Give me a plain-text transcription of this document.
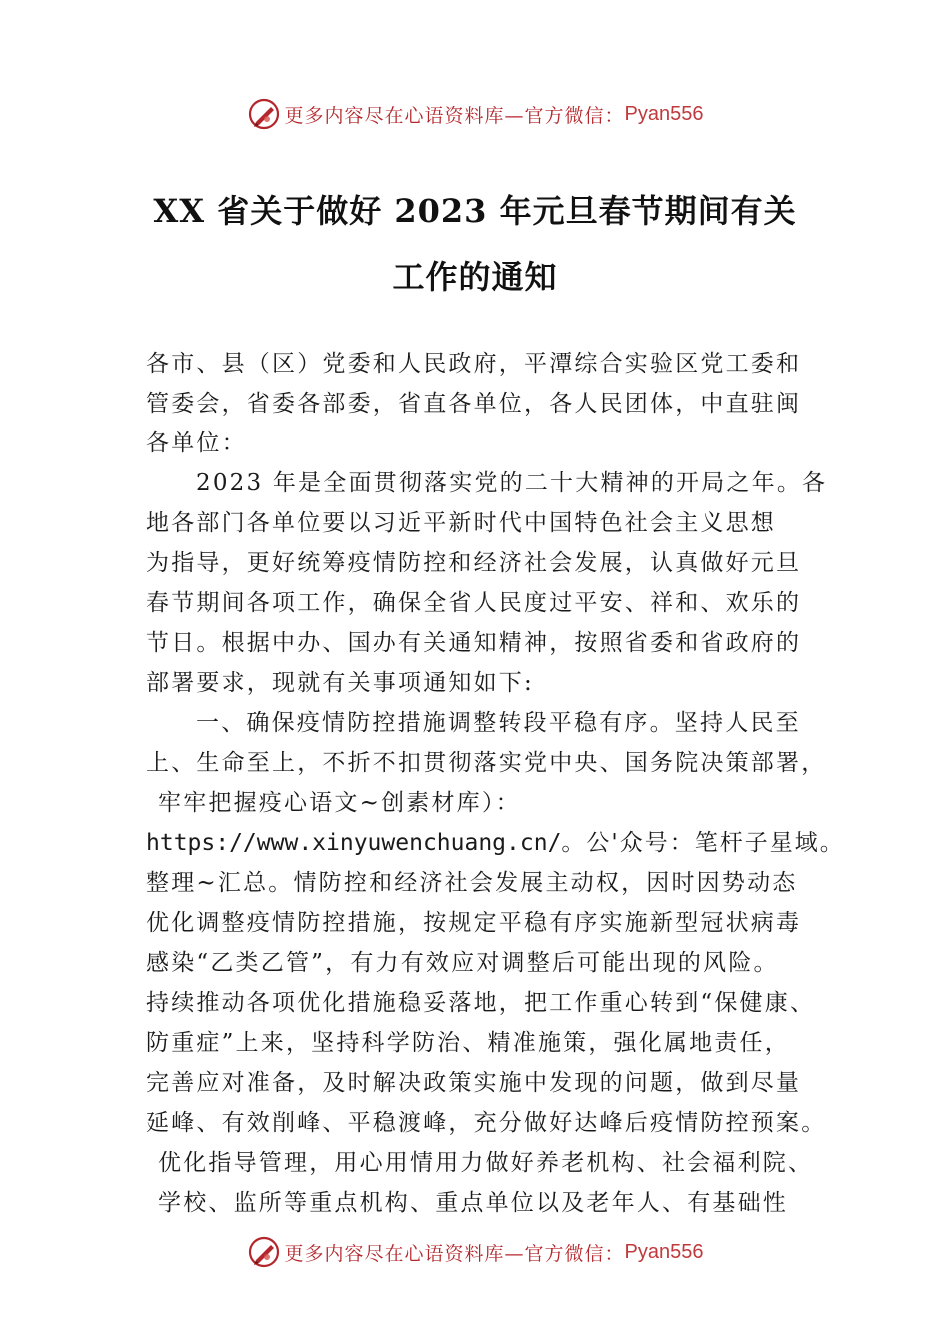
更多内容尽在心语资料库— 官方微信： Pyan556
XX 省关于做好 2023 年元旦春节期间有关
工作的通知
各市、县（区）党委和人民政府，平潭综合实验区党工委和
管委会，省委各部委，省直各单位，各人民团体，中直驻闽
各单位：
2023 年是全面贯彻落实党的二十大精神的开局之年。各
地各部门各单位要以习近平新时代中国特色社会主义思想
为指导，更好统筹疫情防控和经济社会发展，认真做好元旦
春节期间各项工作，确保全省人民度过平安、祥和、欢乐的
节日。根据中办、国办有关通知精神，按照省委和省政府的
部署要求，现就有关事项通知如下:
一、确保疫情防控措施调整转段平稳有序。坚持人民至
上、生命至上，不折不扣贯彻落实党中央、国务院决策部署，
牢牢把握疫心语文~创素材库）：
https://www.xinyuwenchuang.cn/。公'众号：笔杆子星域。
整理~汇总。情防控和经济社会发展主动权，因时因势动态
优化调整疫情防控措施，按规定平稳有序实施新型冠状病毒
感染“乙类乙管”，有力有效应对调整后可能出现的风险。
持续推动各项优化措施稳妥落地，把工作重心转到“保健康、
防重症”上来，坚持科学防治、精准施策，强化属地责任，
完善应对准备，及时解决政策实施中发现的问题，做到尽量
延峰、有效削峰、平稳渡峰，充分做好达峰后疫情防控预案。
优化指导管理，用心用情用力做好养老机构、社会福利院、
学校、监所等重点机构、重点单位以及老年人、有基础性
更多内容尽在心语资料库— 官方微信： Pyan556
